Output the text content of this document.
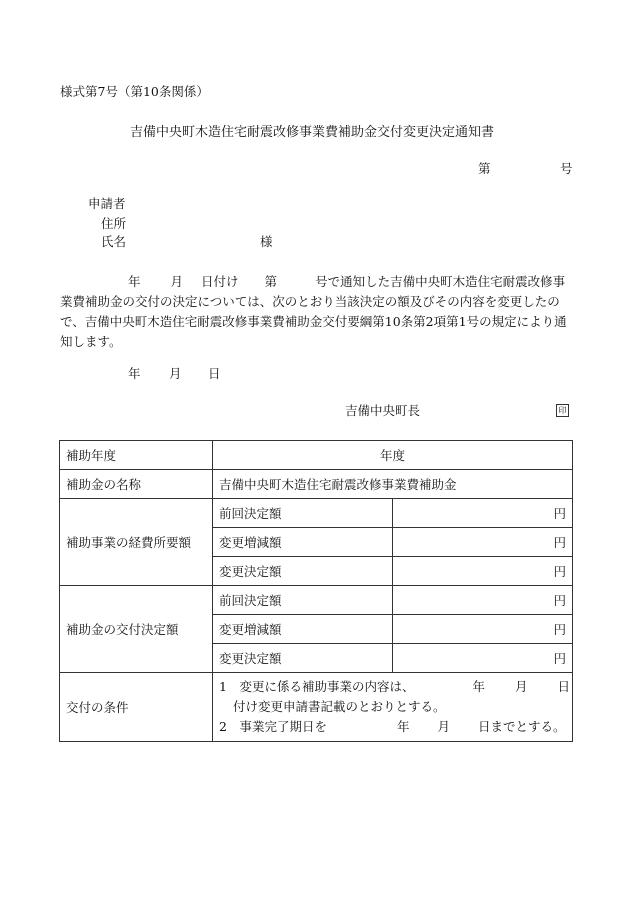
様式第7号（第10条関係）
吉備中央町木造住宅耐震改修事業費補助金交付変更決定通知書
第	号
申請者
住所
氏名	様
年 月 日付け 第	号で通知した吉備中央町木造住宅耐震改修事業費補助金の交付の決定については、次のとおり当該決定の額及びその内容を変更したので、吉備中央町木造住宅耐震改修事業費補助金交付要綱第10条第2項第1号の規定により通知します。
年 月 日
吉備中央町長	印
補助年度	年度	
補助金の名称	吉備中央町木造住宅耐震改修事業費補助金	
補助事業の経費所要額	前回決定額	円
	変更増減額	円
	変更決定額	円
補助金の交付決定額	前回決定額	円
	変更増減額	円
	変更決定額	円
交付の条件	1　変更に係る補助事業の内容は、 年 月 日
付け変更申請書記載のとおりとする。
2　事業完了期日を 年 月 日までとする。	
